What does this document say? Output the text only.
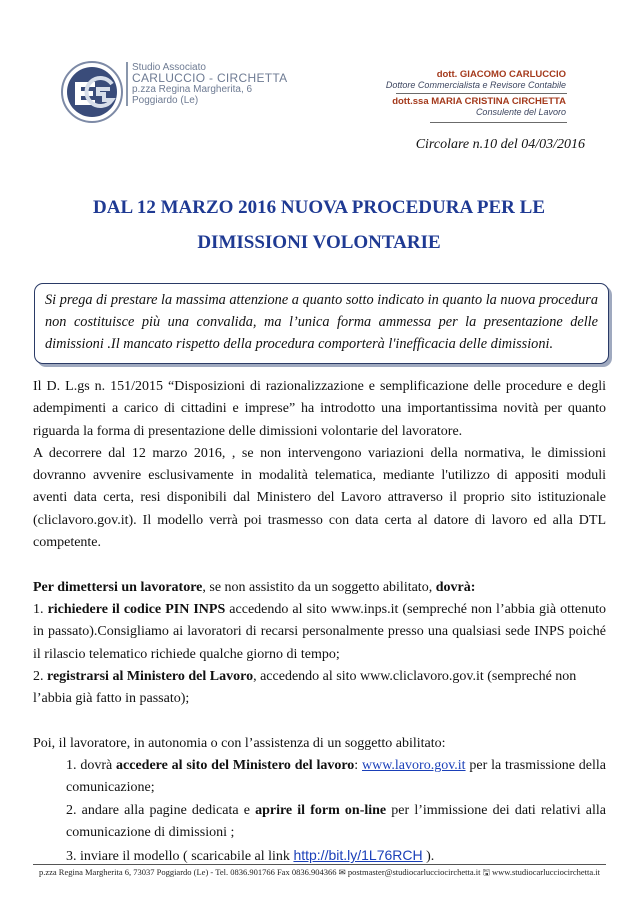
Studio Associato
CARLUCCIO - CIRCHETTA
p.zza Regina Margherita, 6
Poggiardo (Le)
dott. GIACOMO CARLUCCIO
Dottore Commercialista e Revisore Contabile
dott.ssa MARIA CRISTINA CIRCHETTA
Consulente del Lavoro
Circolare n.10 del 04/03/2016
DAL 12 MARZO 2016 NUOVA PROCEDURA PER LE
DIMISSIONI VOLONTARIE

Si prega di prestare la massima attenzione a quanto sotto indicato in quanto la nuova procedura non costituisce più una convalida, ma l’unica forma ammessa per la presentazione delle dimissioni .Il mancato rispetto della procedura comporterà l'inefficacia delle dimissioni.

Il D. L.gs n. 151/2015 “Disposizioni di razionalizzazione e semplificazione delle procedure e degli adempimenti a carico di cittadini e imprese” ha introdotto una importantissima novità per quanto riguarda la forma di presentazione delle dimissioni volontarie del lavoratore.

A decorrere dal 12 marzo 2016, , se non intervengono variazioni della normativa, le dimissioni dovranno avvenire esclusivamente in modalità telematica, mediante l'utilizzo di appositi moduli aventi data certa, resi disponibili dal Ministero del Lavoro attraverso il proprio sito istituzionale (cliclavoro.gov.it). Il modello verrà poi trasmesso con data certa al datore di lavoro ed alla DTL competente.

Per dimettersi un lavoratore, se non assistito da un soggetto abilitato, dovrà:

1. richiedere il codice PIN INPS accedendo al sito www.inps.it (sempreché non l’abbia già ottenuto in passato).Consigliamo ai lavoratori di recarsi personalmente presso una qualsiasi sede INPS poiché il rilascio telematico richiede qualche giorno di tempo;

2. registrarsi al Ministero del Lavoro, accedendo al sito www.cliclavoro.gov.it (sempreché non l’abbia già fatto in passato);

Poi, il lavoratore, in autonomia o con l’assistenza di un soggetto abilitato:

1. dovrà accedere al sito del Ministero del lavoro: www.lavoro.gov.it per la trasmissione della comunicazione;

2. andare alla pagine dedicata e aprire il form on-line per l’immissione dei dati relativi alla comunicazione di dimissioni ;

3. inviare il modello ( scaricabile al link http://bit.ly/1L76RCH ).

p.zza Regina Margherita 6, 73037 Poggiardo (Le) - Tel. 0836.901766 Fax 0836.904366 ✉ postmaster@studiocarlucciocirchetta.it 🖫 www.studiocarlucciocirchetta.it
